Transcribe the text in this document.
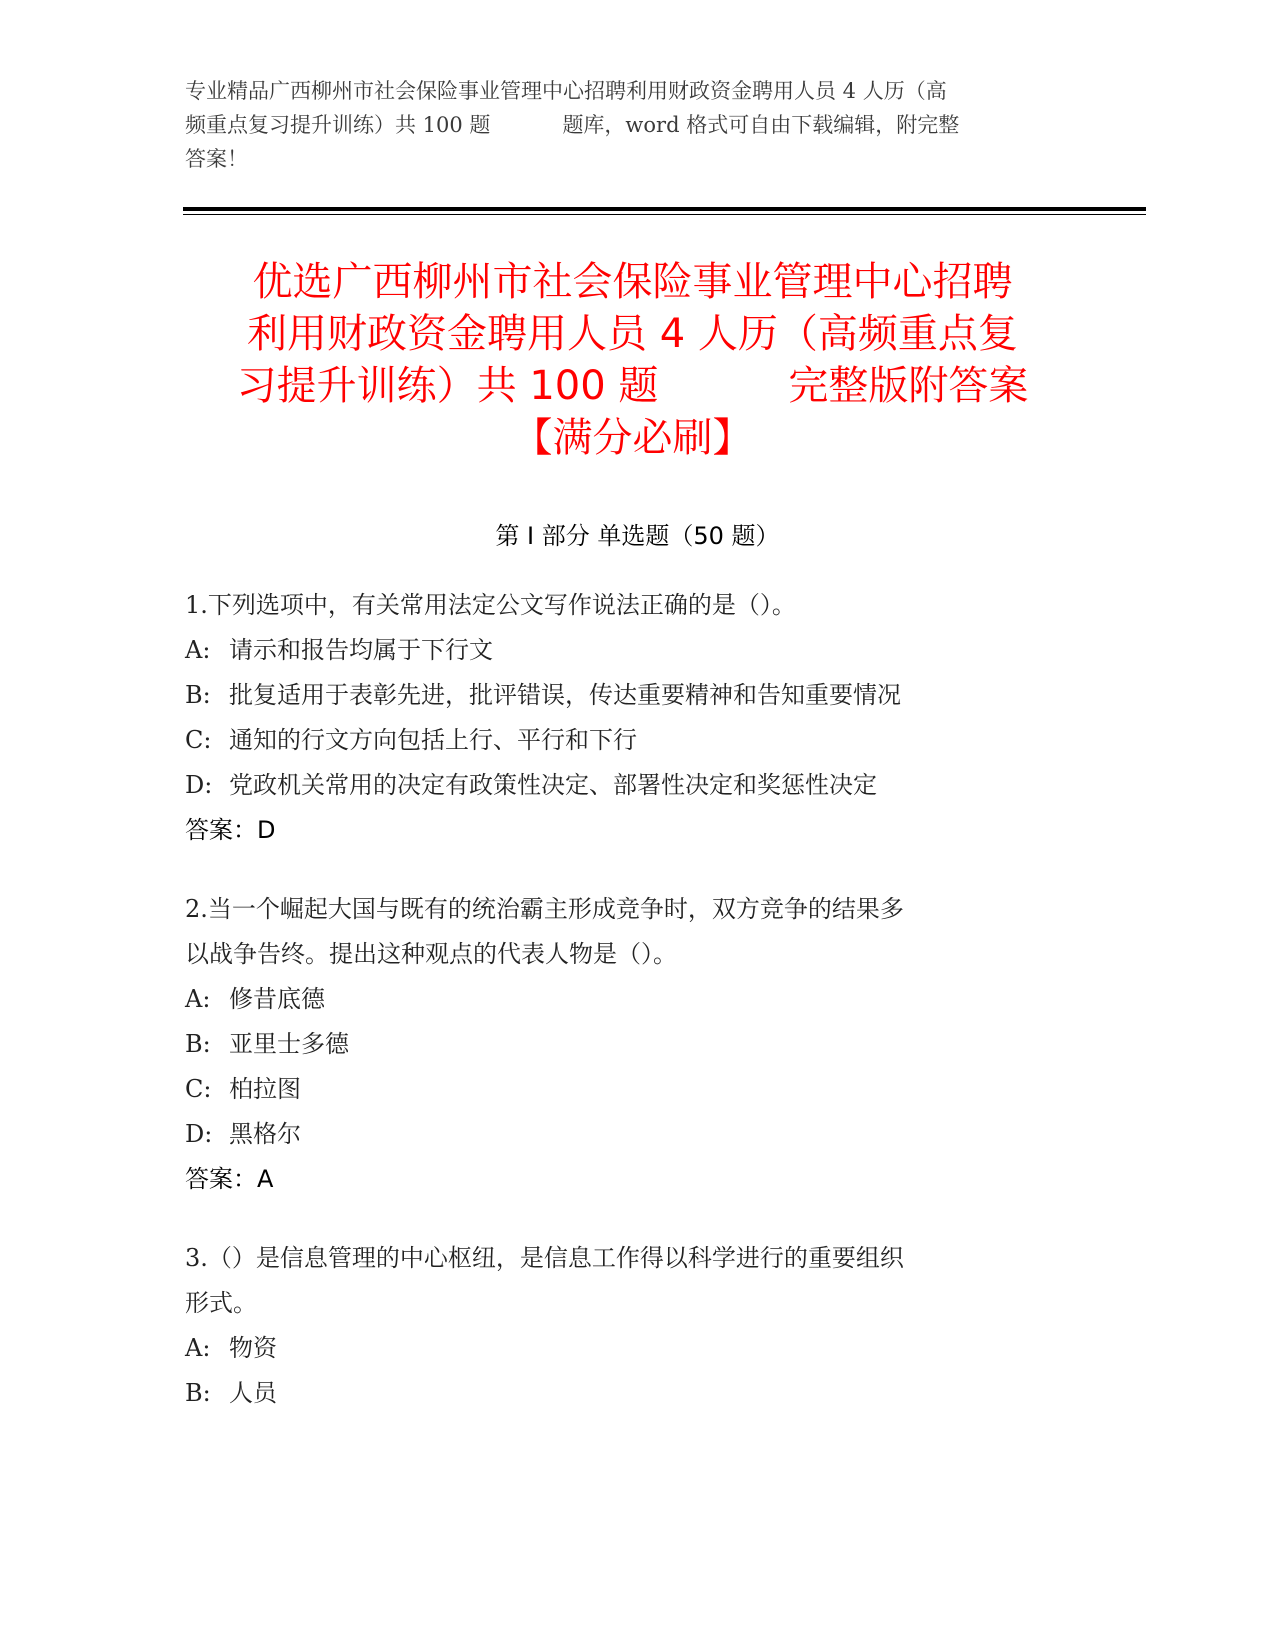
专业精品广西柳州市社会保险事业管理中心招聘利用财政资金聘用人员 4 人历（高
频重点复习提升训练）共 100 题	题库，word 格式可自由下载编辑，附完整
答案！
优选广西柳州市社会保险事业管理中心招聘
利用财政资金聘用人员 4 人历（高频重点复
习提升训练）共 100 题	完整版附答案
【满分必刷】
第 I 部分 单选题（50 题）
1.下列选项中，有关常用法定公文写作说法正确的是（）。
A: 请示和报告均属于下行文
B: 批复适用于表彰先进，批评错误，传达重要精神和告知重要情况
C: 通知的行文方向包括上行、平行和下行
D: 党政机关常用的决定有政策性决定、部署性决定和奖惩性决定
答案：D
2.当一个崛起大国与既有的统治霸主形成竞争时，双方竞争的结果多
以战争告终。提出这种观点的代表人物是（）。
A: 修昔底德
B: 亚里士多德
C: 柏拉图
D: 黑格尔
答案：A
3.（）是信息管理的中心枢纽，是信息工作得以科学进行的重要组织
形式。
A: 物资
B: 人员
